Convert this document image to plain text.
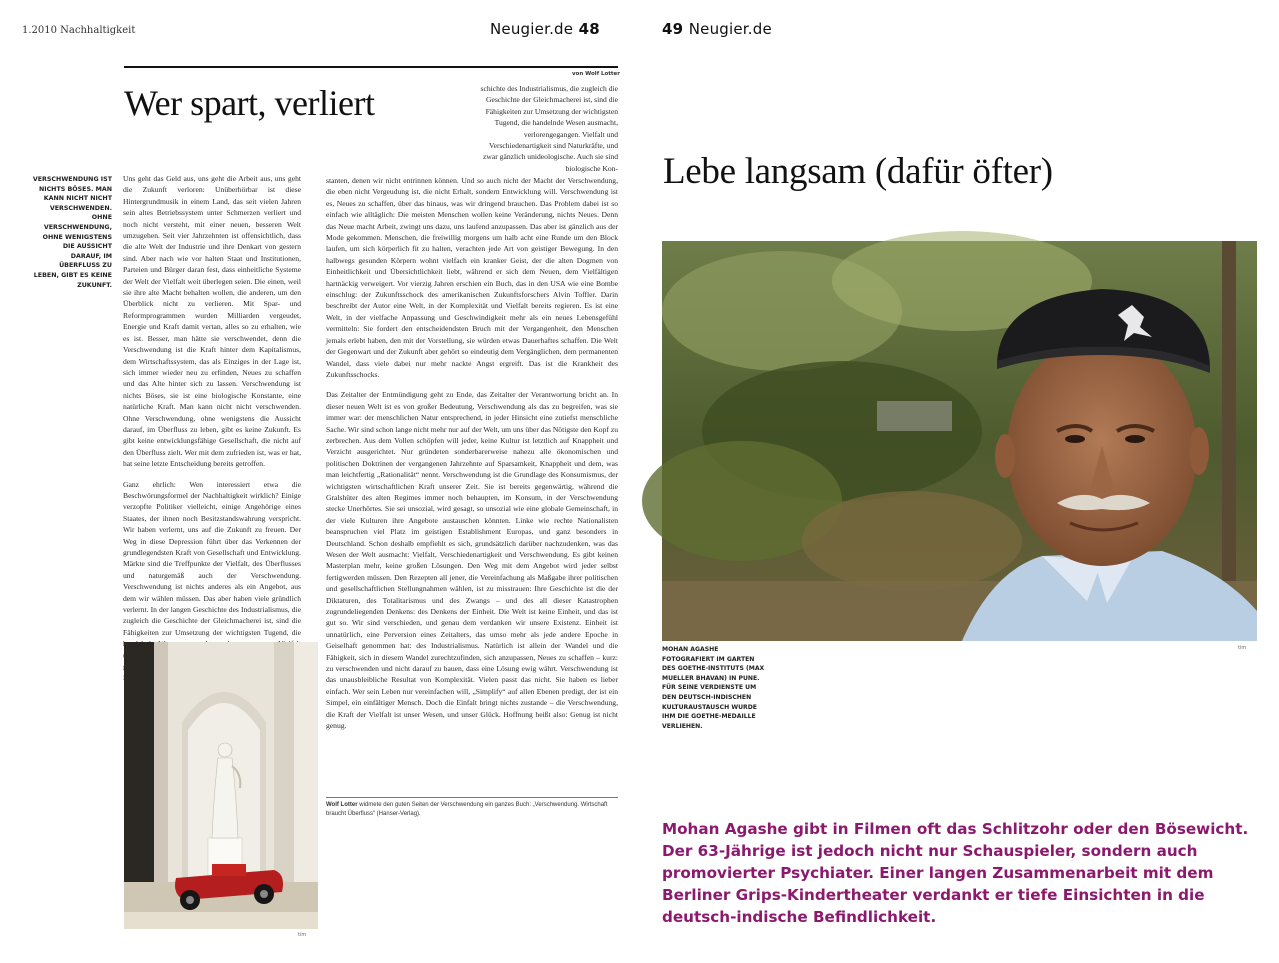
1.2010 Nachhaltigkeit	Neugier.de 48	49 Neugier.de
von Wolf Lotter
Wer spart, verliert
VERSCHWENDUNG IST NICHTS BÖSES. MAN KANN NICHT NICHT VERSCHWENDEN. OHNE VERSCHWENDUNG, OHNE WENIGSTENS DIE AUSSICHT DARAUF, IM ÜBERFLUSS ZU LEBEN, GIBT ES KEINE ZUKUNFT.

schichte des Industrialismus, die zugleich die Geschichte der Gleichmacherei ist, sind die Fähigkeiten zur Umsetzung der wichtigsten Tugend, die handelnde Wesen ausmacht, verlorengegangen. Vielfalt und Verschiedenartigkeit sind Naturkräfte, und zwar gänzlich unideologische. Auch sie sind biologische Kon-

Uns geht das Geld aus, uns geht die Arbeit aus, uns geht die Zukunft verloren: Unüberhörbar ist diese Hintergrundmusik in einem Land, das seit vielen Jahren sein altes Betriebssystem unter Schmerzen verliert und noch nicht versteht, mit einer neuen, besseren Welt umzugehen. Seit vier Jahrzehnten ist offensichtlich, dass die alte Welt der Industrie und ihre Denkart von gestern sind. Aber nach wie vor halten Staat und Institutionen, Parteien und Bürger daran fest, dass einheitliche Systeme der Welt der Vielfalt weit überlegen seien. Die einen, weil sie ihre alte Macht behalten wollen, die anderen, um den Überblick nicht zu verlieren. Mit Spar- und Reformprogrammen wurden Milliarden vergeudet, Energie und Kraft damit vertan, alles so zu erhalten, wie es ist. Besser, man hätte sie verschwendet, denn die Verschwendung ist die Kraft hinter dem Kapitalismus, dem Wirtschaftssystem, das als Einziges in der Lage ist, sich immer wieder neu zu erfinden, Neues zu schaffen und das Alte hinter sich zu lassen. Verschwendung ist nichts Böses, sie ist eine biologische Konstante, eine natürliche Kraft. Man kann nicht nicht verschwenden. Ohne Verschwendung, ohne wenigstens die Aussicht darauf, im Überfluss zu leben, gibt es keine Zukunft. Es gibt keine entwicklungsfähige Gesellschaft, die nicht auf den Überfluss zielt. Wer mit dem zufrieden ist, was er hat, hat seine letzte Entscheidung bereits getroffen.

Ganz ehrlich: Wen interessiert etwa die Beschwörungsformel der Nachhaltigkeit wirklich? Einige verzopfte Politiker vielleicht, einige Angehörige eines Staates, der ihnen noch Besitzstandswahrung verspricht. Wir haben verlernt, uns auf die Zukunft zu freuen. Der Weg in diese Depression führt über das Verkennen der grundlegendsten Kraft von Gesellschaft und Entwicklung. Märkte sind die Treffpunkte der Vielfalt, des Überflusses und naturgemäß auch der Verschwendung. Verschwendung ist nichts anderes als ein Angebot, aus dem wir wählen müssen. Das aber haben viele gründlich verlernt. In der langen Geschichte des Industrialismus, die zugleich die Geschichte der Gleichmacherei ist, sind die Fähigkeiten zur Umsetzung der wichtigsten Tugend, die

stanten, denen wir nicht entrinnen können. Und so auch nicht der Macht der Verschwendung, die eben nicht Vergeudung ist, die nicht Erhalt, sondern Entwicklung will. Verschwendung ist es, Neues zu schaffen, über das hinaus, was wir dringend brauchen. Das Problem dabei ist so einfach wie alltäglich: Die meisten Menschen wollen keine Veränderung, nichts Neues. Denn das Neue macht Arbeit, zwingt uns dazu, uns laufend anzupassen. Das aber ist gänzlich aus der Mode gekommen. Menschen, die freiwillig morgens um halb acht eine Runde um den Block laufen, um sich körperlich fit zu halten, verachten jede Art von geistiger Bewegung. In den halbwegs gesunden Körpern wohnt vielfach ein kranker Geist, der die alten Dogmen von Einheitlichkeit und Übersichtlichkeit liebt, während er sich dem Neuen, dem Vielfältigen hartnäckig verweigert. Vor vierzig Jahren erschien ein Buch, das in den USA wie eine Bombe einschlug: der Zukunftsschock des amerikanischen Zukunftsforschers Alvin Toffler. Darin beschreibt der Autor eine Welt, in der Komplexität und Vielfalt bereits regieren. Es ist eine Welt, in der vielfache Anpassung und Geschwindigkeit mehr als ein neues Lebensgefühl vermitteln: Sie fordert den entscheidendsten Bruch mit der Vergangenheit, den Menschen jemals erlebt haben, den mit der Vorstellung, sie würden etwas Dauerhaftes schaffen. Die Welt der Gegenwart und der Zukunft aber gehört so eindeutig dem Vergänglichen, dem permanenten Wandel, dass viele dabei nur mehr nackte Angst ergreift. Das ist die Krankheit des Zukunftsschocks.

Das Zeitalter der Entmündigung geht zu Ende, das Zeitalter der Verantwortung bricht an. In dieser neuen Welt ist es von großer Bedeutung, Verschwendung als das zu begreifen, was sie immer war: der menschlichen Natur entsprechend, in jeder Hinsicht eine zutiefst menschliche Sache. Wir sind schon lange nicht mehr nur auf der Welt, um uns über das Nötigste den Kopf zu zerbrechen. Aus dem Vollen schöpfen will jeder, keine Kultur ist letztlich auf Knappheit und Verzicht ausgerichtet. Nur gründeten sonderbarerweise nahezu alle ökonomischen und politischen Doktrinen der vergangenen Jahrzehnte auf Sparsamkeit, Knappheit und dem, was man leichtfertig „Rationalität“ nennt. Verschwendung ist die Grundlage des Konsumismus, der wichtigsten wirtschaftlichen Kraft unserer Zeit. Sie ist bereits gegenwärtig, während die Gralshüter des alten Regimes immer noch behaupten, im Konsum, in der Verschwendung stecke Unerhörtes. Sie sei unsozial, wird gesagt, so unsozial wie eine globale Gemeinschaft, in der viele Kulturen ihre Angebote austauschen könnten. Linke wie rechte Nationalisten beanspruchen viel Platz im geistigen Establishment Europas, und ganz besonders in Deutschland. Schon deshalb empfiehlt es sich, grundsätzlich darüber nachzudenken, was das Wesen der Welt ausmacht: Vielfalt, Verschiedenartigkeit und Verschwendung. Es gibt keinen Masterplan mehr, keine großen Lösungen. Den Weg mit dem Angebot wird jeder selbst fertigwerden müssen. Den Rezepten all jener, die Vereinfachung als Maßgabe ihrer politischen und gesellschaftlichen Stellungnahmen wählen, ist zu misstrauen: Ihre Geschichte ist die der Diktaturen, des Totalitarismus und des Zwangs – und des all dieser Katastrophen zugrundeliegenden Denkens: des Denkens der Einheit. Die Welt ist keine Einheit, und das ist gut so. Wir sind verschieden, und genau dem verdanken wir unsere Existenz. Einheit ist unnatürlich, eine Perversion eines Zeitalters, das umso mehr als jede andere Epoche in Geiselhaft genommen hat: des Industrialismus. Natürlich ist allein der Wandel und die Fähigkeit, sich in diesem Wandel zurechtzufinden, sich anzupassen, Neues zu schaffen – kurz: zu verschwenden und nicht darauf zu bauen, dass eine Lösung ewig währt. Verschwendung ist das unausbleibliche Resultat von Komplexität. Vielen passt das nicht. Sie haben es lieber einfach. Wer sein Leben nur vereinfachen will, „Simplify“ auf allen Ebenen predigt, der ist ein Simpel, ein einfältiger Mensch. Doch die Einfalt bringt nichts zustande – die Verschwendung, die Kraft der Vielfalt ist unser Wesen, und unser Glück. Hoffnung heißt also: Genug ist nicht genug.

Wolf Lotter widmete den guten Seiten der Verschwendung ein ganzes Buch: „Verschwendung. Wirtschaft braucht Überfluss“ (Hanser-Verlag).
tim
Lebe langsam (dafür öfter)
tim
MOHAN AGASHE FOTOGRAFIERT IM GARTEN DES GOETHE-INSTITUTS (MAX MUELLER BHAVAN) IN PUNE. FÜR SEINE VERDIENSTE UM DEN DEUTSCH-INDISCHEN KULTURAUSTAUSCH WURDE IHM DIE GOETHE-MEDAILLE VERLIEHEN.
Mohan Agashe gibt in Filmen oft das Schlitzohr oder den Bösewicht. Der 63-Jährige ist jedoch nicht nur Schauspieler, sondern auch promovierter Psychiater. Einer langen Zusammenarbeit mit dem Berliner Grips-Kindertheater verdankt er tiefe Einsichten in die deutsch-indische Befindlichkeit.
